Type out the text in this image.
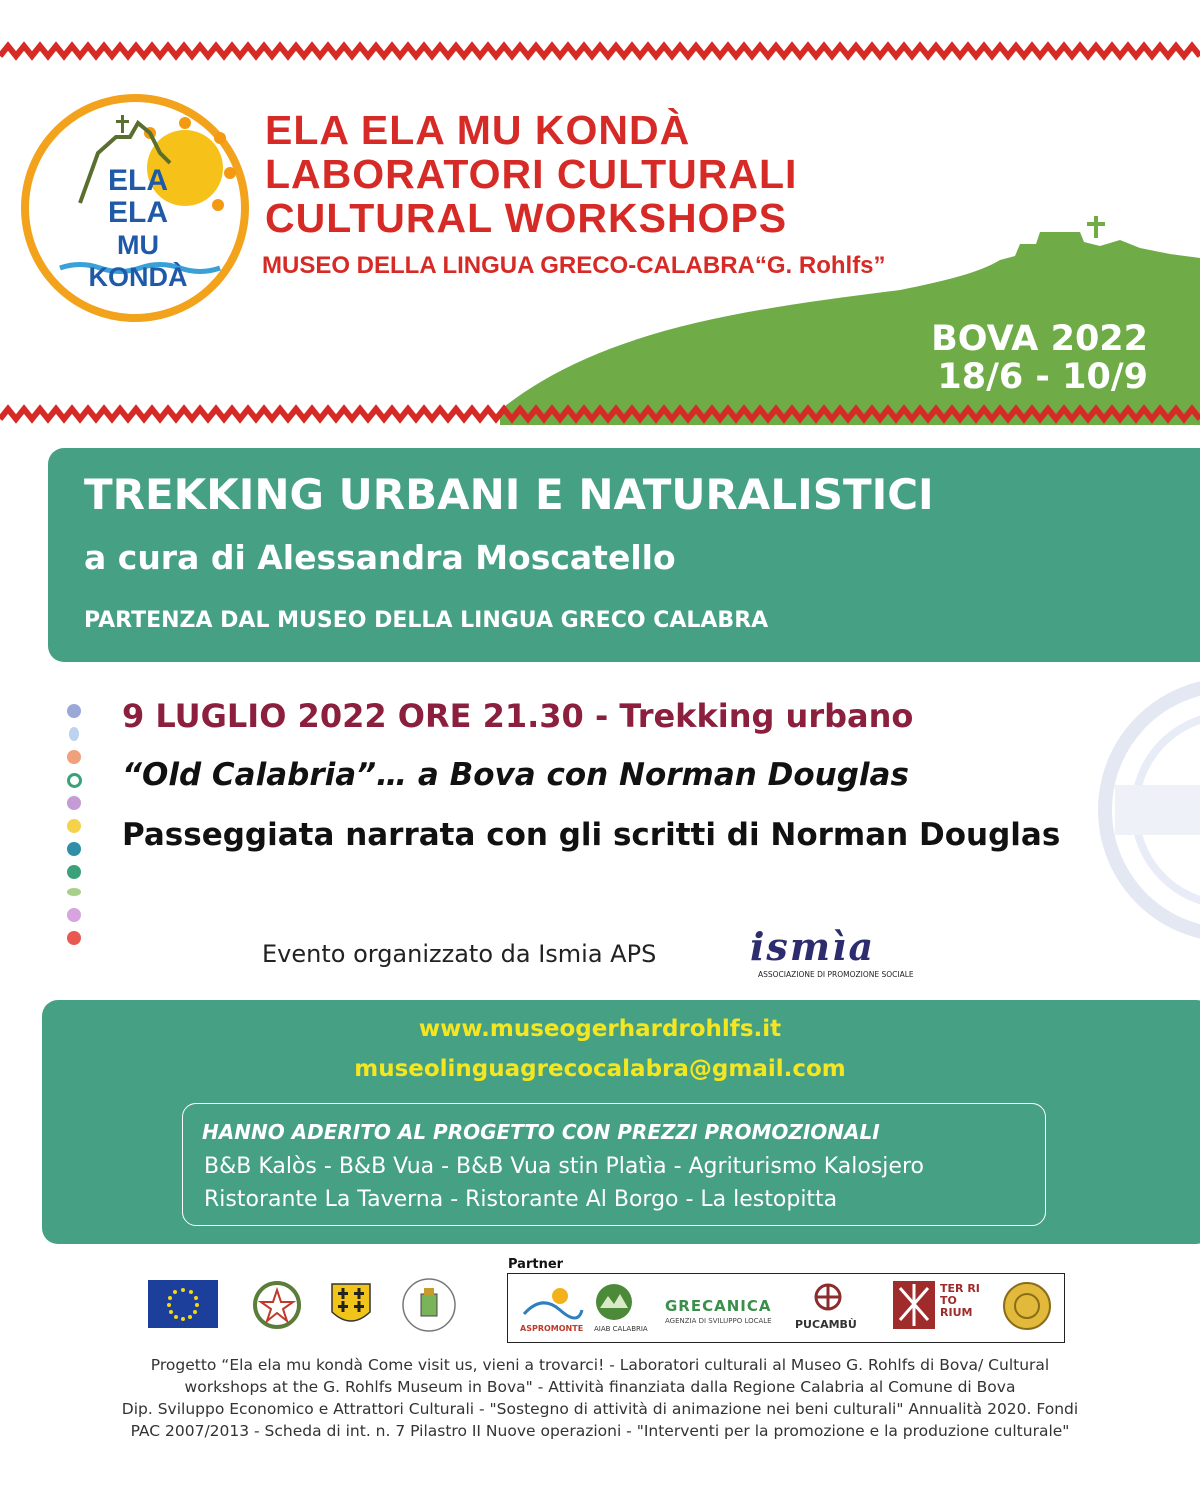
ELA
ELA
MU KONDÀ
ELA ELA MU KONDÀ
LABORATORI CULTURALI
CULTURAL WORKSHOPS
MUSEO DELLA LINGUA GRECO-CALABRA“G. Rohlfs”
BOVA 2022
18/6 - 10/9
TREKKING URBANI E NATURALISTICI
a cura di Alessandra Moscatello
PARTENZA DAL MUSEO DELLA LINGUA GRECO CALABRA
9 LUGLIO 2022 ORE 21.30 - Trekking urbano
“Old Calabria”… a Bova con Norman Douglas
Passeggiata narrata con gli scritti di Norman Douglas
Evento organizzato da Ismia APS ismìa
ASSOCIAZIONE DI PROMOZIONE SOCIALE
www.museogerhardrohlfs.it
museolinguagrecocalabra@gmail.com
HANNO ADERITO AL PROGETTO CON PREZZI PROMOZIONALI
B&B Kalòs - B&B Vua - B&B Vua stin Platìa - Agriturismo Kalosjero
Ristorante La Taverna - Ristorante Al Borgo - La lestopitta
Partner
ASPROMONTE AIAB CALABRIA
GRECANICA
AGENZIA DI SVILUPPO LOCALE PUCAMBÙ
TER RI TO RIUM
Progetto “Ela ela mu kondà Come visit us, vieni a trovarci! - Laboratori culturali al Museo G. Rohlfs di Bova/ Cultural
workshops at the G. Rohlfs Museum in Bova" - Attività finanziata dalla Regione Calabria al Comune di Bova
Dip. Sviluppo Economico e Attrattori Culturali - "Sostegno di attività di animazione nei beni culturali" Annualità 2020. Fondi
PAC 2007/2013 - Scheda di int. n. 7 Pilastro II Nuove operazioni - "Interventi per la promozione e la produzione culturale"
